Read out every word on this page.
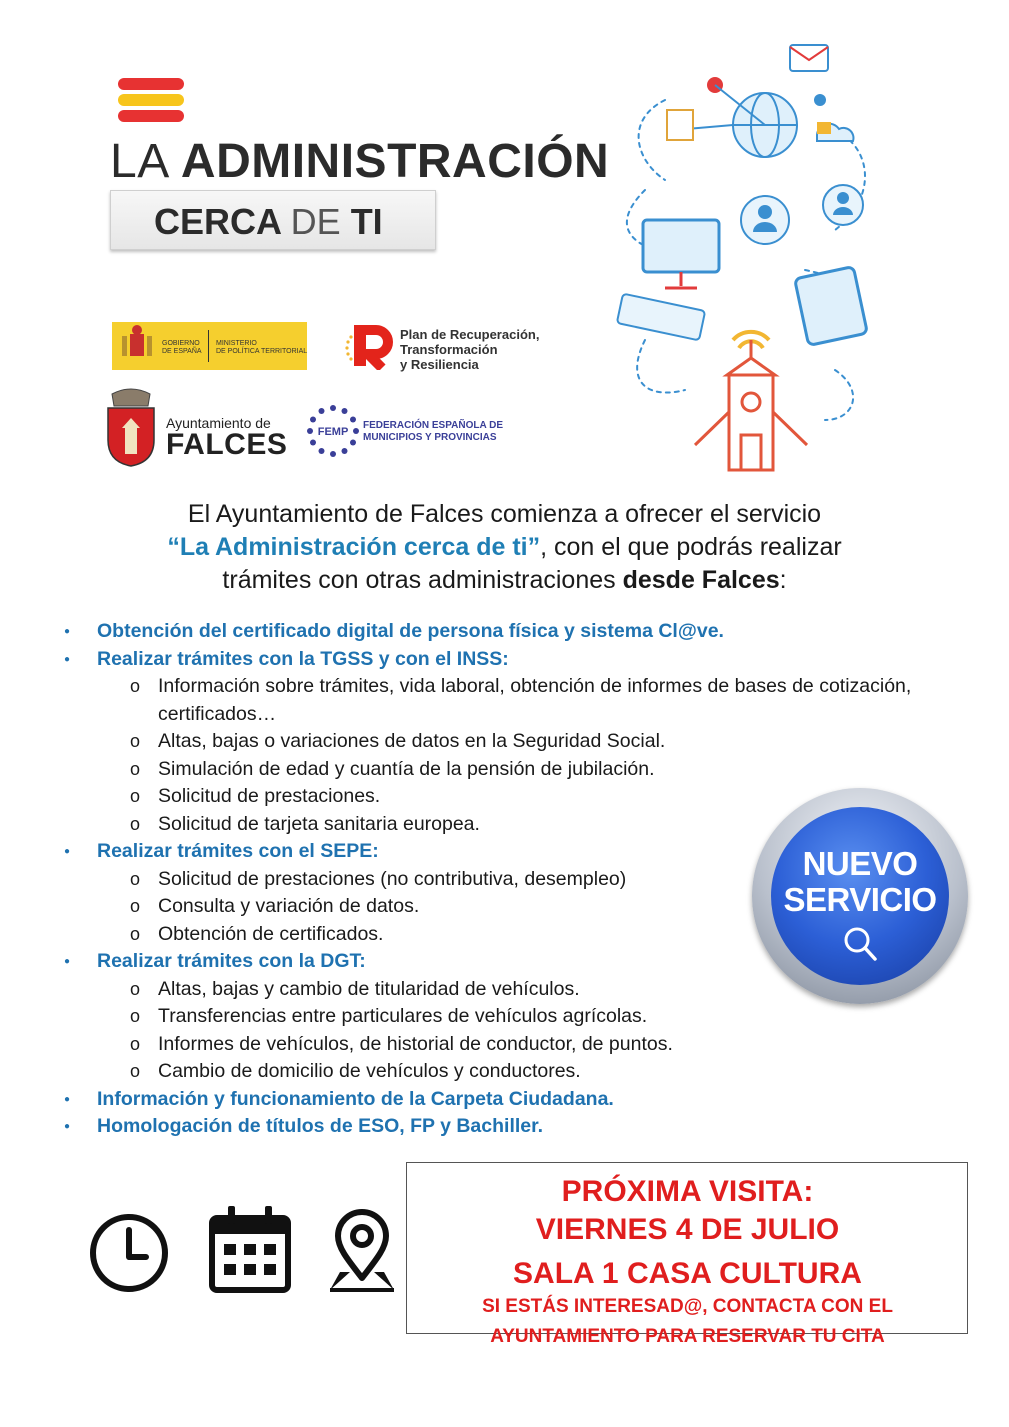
LA ADMINISTRACIÓN
CERCA DE TI
GOBIERNO
DE ESPAÑA
MINISTERIO
DE POLÍTICA TERRITORIAL
Plan de Recuperación,
Transformación
y Resiliencia
Ayuntamiento de
FALCES	FEMP
FEDERACIÓN ESPAÑOLA DE
MUNICIPIOS Y PROVINCIAS
El Ayuntamiento de Falces comienza a ofrecer el servicio
“La Administración cerca de ti”, con el que podrás realizar
trámites con otras administraciones desde Falces:
● Obtención del certificado digital de persona física y sistema Cl@ve.
● Realizar trámites con la TGSS y con el INSS:
o Información sobre trámites, vida laboral, obtención de informes de bases de cotización, certificados…
o Altas, bajas o variaciones de datos en la Seguridad Social.
o Simulación de edad y cuantía de la pensión de jubilación.
o Solicitud de prestaciones.
o Solicitud de tarjeta sanitaria europea.
● Realizar trámites con el SEPE:
o Solicitud de prestaciones (no contributiva, desempleo)
o Consulta y variación de datos.
o Obtención de certificados.
● Realizar trámites con la DGT:
o Altas, bajas y cambio de titularidad de vehículos.
o Transferencias entre particulares de vehículos agrícolas.
o Informes de vehículos, de historial de conductor, de puntos.
o Cambio de domicilio de vehículos y conductores.
● Información y funcionamiento de la Carpeta Ciudadana.
● Homologación de títulos de ESO, FP y Bachiller.
NUEVO
SERVICIO
PRÓXIMA VISITA:
VIERNES 4 DE JULIO
SALA 1 CASA CULTURA
SI ESTÁS INTERESAD@, CONTACTA CON EL
AYUNTAMIENTO PARA RESERVAR TU CITA
